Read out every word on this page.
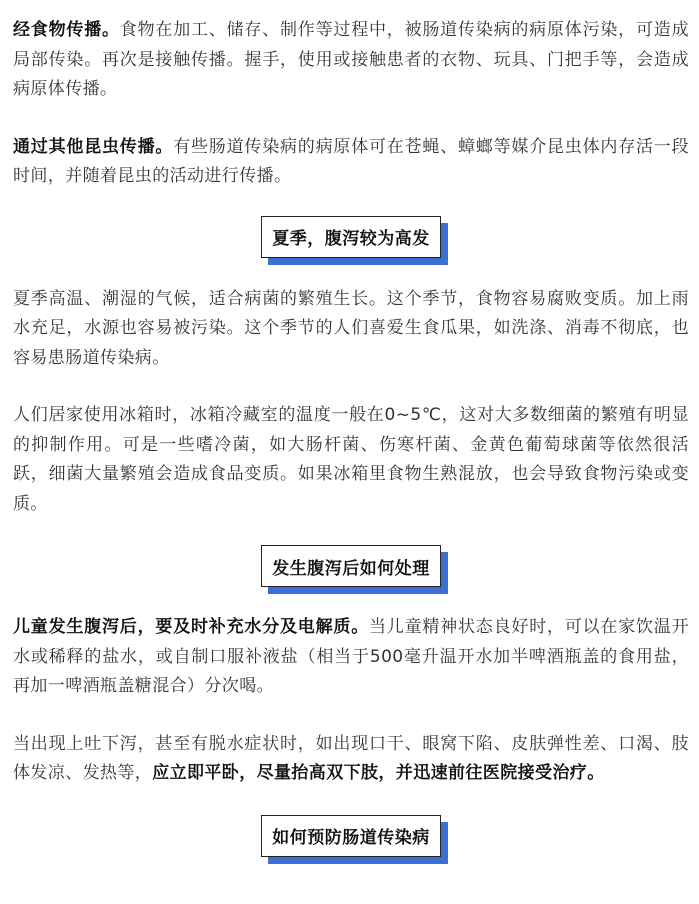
经食物传播。食物在加工、储存、制作等过程中，被肠道传染病的病原体污染，可造成局部传染。再次是接触传播。握手，使用或接触患者的衣物、玩具、门把手等，会造成病原体传播。

通过其他昆虫传播。有些肠道传染病的病原体可在苍蝇、蟑螂等媒介昆虫体内存活一段时间，并随着昆虫的活动进行传播。

夏季，腹泻较为高发

夏季高温、潮湿的气候，适合病菌的繁殖生长。这个季节，食物容易腐败变质。加上雨水充足，水源也容易被污染。这个季节的人们喜爱生食瓜果，如洗涤、消毒不彻底，也容易患肠道传染病。

人们居家使用冰箱时，冰箱冷藏室的温度一般在0~5℃，这对大多数细菌的繁殖有明显的抑制作用。可是一些嗜冷菌，如大肠杆菌、伤寒杆菌、金黄色葡萄球菌等依然很活跃，细菌大量繁殖会造成食品变质。如果冰箱里食物生熟混放，也会导致食物污染或变质。

发生腹泻后如何处理

儿童发生腹泻后，要及时补充水分及电解质。当儿童精神状态良好时，可以在家饮温开水或稀释的盐水，或自制口服补液盐（相当于500毫升温开水加半啤酒瓶盖的食用盐，再加一啤酒瓶盖糖混合）分次喝。

当出现上吐下泻，甚至有脱水症状时，如出现口干、眼窝下陷、皮肤弹性差、口渴、肢体发凉、发热等，应立即平卧，尽量抬高双下肢，并迅速前往医院接受治疗。

如何预防肠道传染病
